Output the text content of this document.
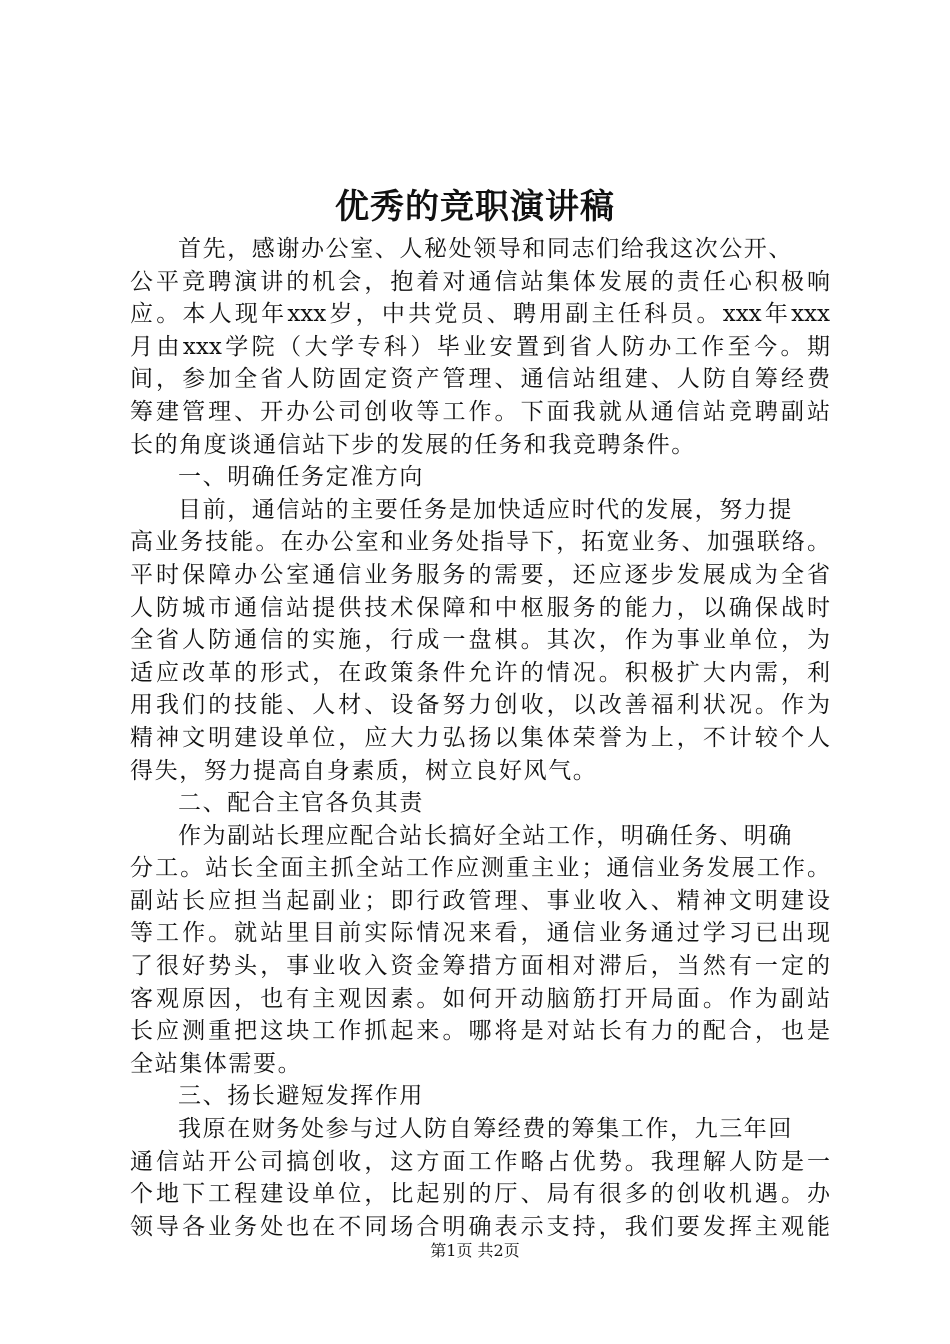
优秀的竞职演讲稿
首先，感谢办公室、人秘处领导和同志们给我这次公开、
公平竞聘演讲的机会，抱着对通信站集体发展的责任心积极响
应。本人现年xxx岁，中共党员、聘用副主任科员。xxx年xxx
月由xxx学院（大学专科）毕业安置到省人防办工作至今。期
间，参加全省人防固定资产管理、通信站组建、人防自筹经费
筹建管理、开办公司创收等工作。下面我就从通信站竞聘副站
长的角度谈通信站下步的发展的任务和我竞聘条件。
一、明确任务定准方向
目前，通信站的主要任务是加快适应时代的发展，努力提
高业务技能。在办公室和业务处指导下，拓宽业务、加强联络。
平时保障办公室通信业务服务的需要，还应逐步发展成为全省
人防城市通信站提供技术保障和中枢服务的能力，以确保战时
全省人防通信的实施，行成一盘棋。其次，作为事业单位，为
适应改革的形式，在政策条件允许的情况。积极扩大内需，利
用我们的技能、人材、设备努力创收，以改善福利状况。作为
精神文明建设单位，应大力弘扬以集体荣誉为上，不计较个人
得失，努力提高自身素质，树立良好风气。
二、配合主官各负其责
作为副站长理应配合站长搞好全站工作，明确任务、明确
分工。站长全面主抓全站工作应测重主业；通信业务发展工作。
副站长应担当起副业；即行政管理、事业收入、精神文明建设
等工作。就站里目前实际情况来看，通信业务通过学习已出现
了很好势头，事业收入资金筹措方面相对滞后，当然有一定的
客观原因，也有主观因素。如何开动脑筋打开局面。作为副站
长应测重把这块工作抓起来。哪将是对站长有力的配合，也是
全站集体需要。
三、扬长避短发挥作用
我原在财务处参与过人防自筹经费的筹集工作，九三年回
通信站开公司搞创收，这方面工作略占优势。我理解人防是一
个地下工程建设单位，比起别的厅、局有很多的创收机遇。办
领导各业务处也在不同场合明确表示支持，我们要发挥主观能
第1页 共2页
